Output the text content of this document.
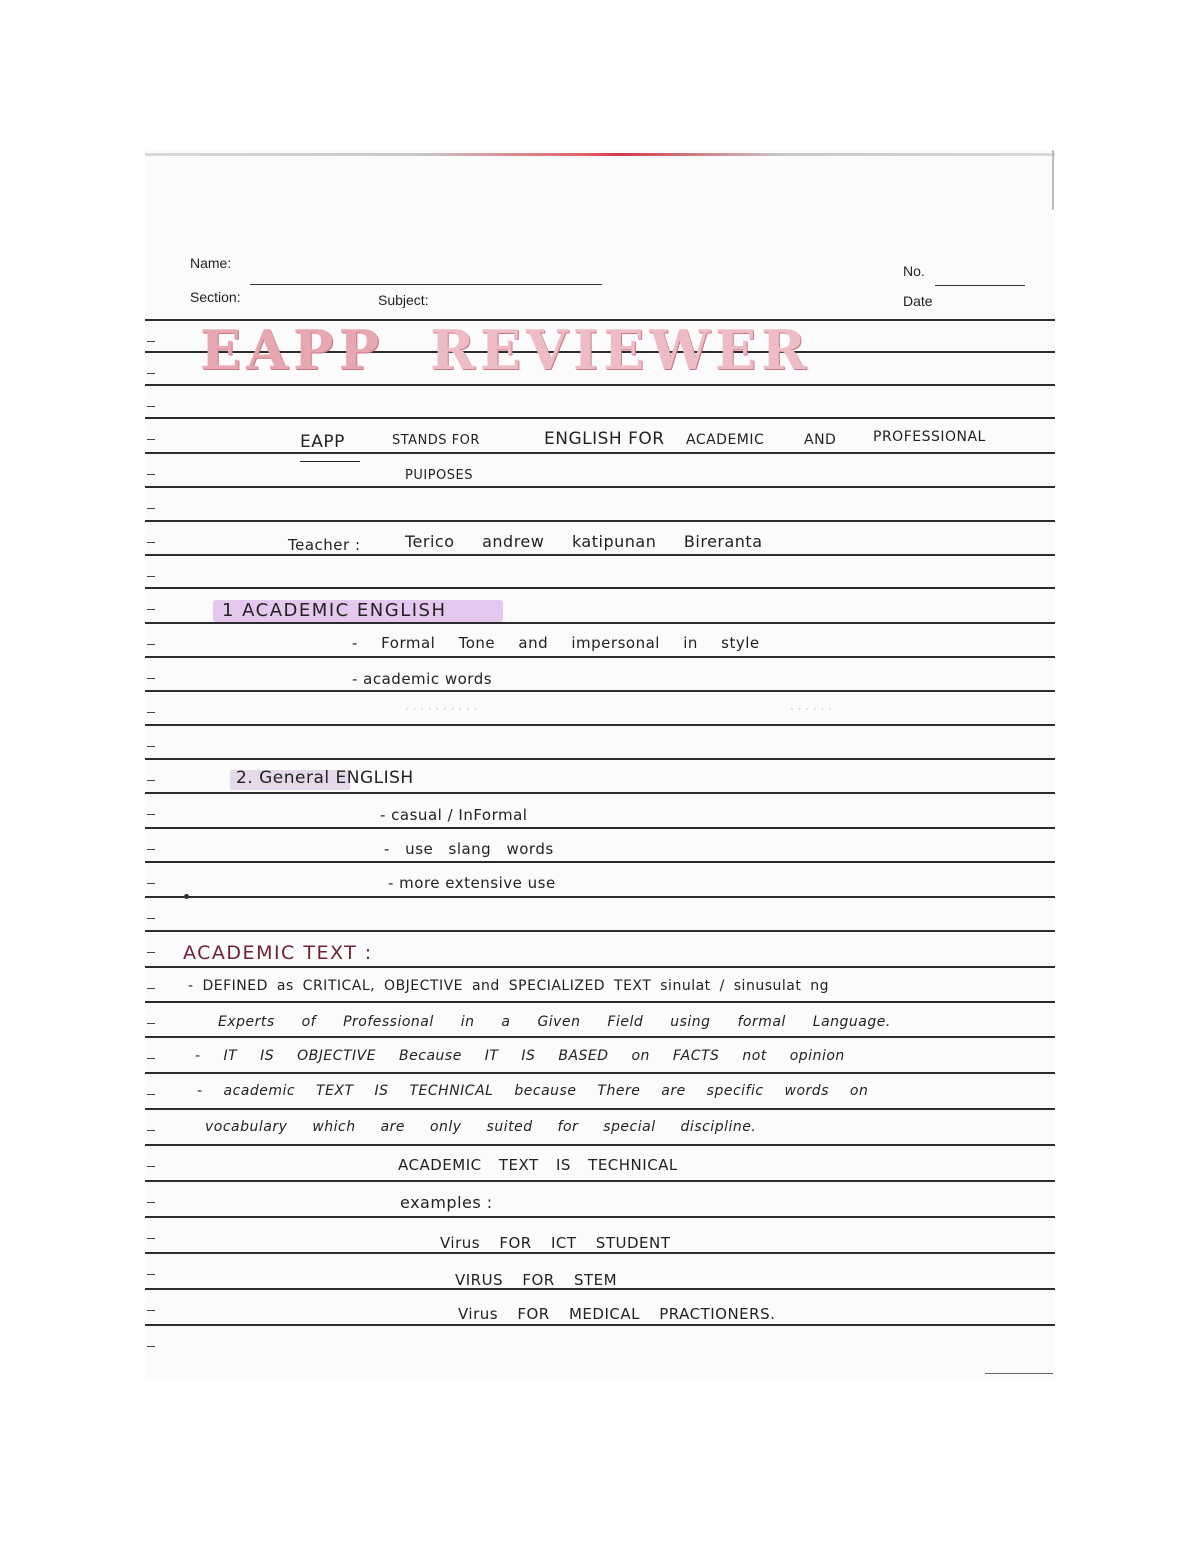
Name:	No.
Section:	Subject:	Date
EAPP REVIEWER
EAPP	STANDS FOR	ENGLISH FOR ACADEMIC	AND	PROFESSIONAL
PUIPOSES
Teacher :	Terico andrew katipunan Bireranta
1 ACADEMIC ENGLISH
- Formal Tone and impersonal in style
- academic words
· · · · · · · · · ·	· · · · · ·
2. General ENGLISH
- casual / InFormal
- use slang words
- more extensive use
ACADEMIC TEXT :
- DEFINED as CRITICAL, OBJECTIVE and SPECIALIZED TEXT sinulat / sinusulat ng
Experts of Professional in a Given Field using formal Language.
- IT IS OBJECTIVE Because IT IS BASED on FACTS not opinion
- academic TEXT IS TECHNICAL because There are specific words on
vocabulary which are only suited for special discipline.
ACADEMIC TEXT IS TECHNICAL
examples :
Virus FOR ICT STUDENT
VIRUS FOR STEM
Virus FOR MEDICAL PRACTIONERS.
